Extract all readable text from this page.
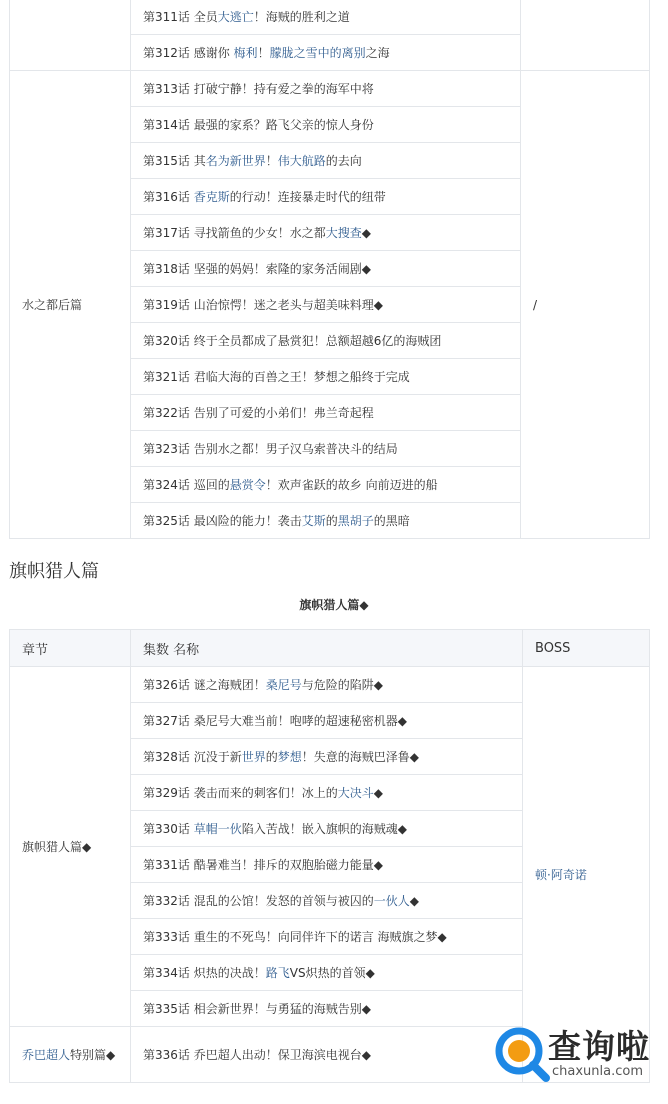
	第311话 全员大逃亡！海贼的胜利之道	
	第312话 感谢你 梅利！朦胧之雪中的离别之海	
水之都后篇	第313话 打破宁静！持有爱之拳的海军中将	/
	第314话 最强的家系？路飞父亲的惊人身份	
	第315话 其名为新世界！伟大航路的去向	
	第316话 香克斯的行动！连接暴走时代的纽带	
	第317话 寻找箭鱼的少女！水之都大搜查◆	
	第318话 坚强的妈妈！索隆的家务活闹剧◆	
	第319话 山治惊愕！迷之老头与超美味料理◆	
	第320话 终于全员都成了悬赏犯！总额超越6亿的海贼团	
	第321话 君临大海的百兽之王！梦想之船终于完成	
	第322话 告别了可爱的小弟们！弗兰奇起程	
	第323话 告别水之都！男子汉乌索普决斗的结局	
	第324话 巡回的悬赏令！欢声雀跃的故乡 向前迈进的船	
	第325话 最凶险的能力！袭击艾斯的黑胡子的黑暗	
旗帜猎人篇
旗帜猎人篇◆
章节	集数 名称	BOSS
旗帜猎人篇◆	第326话 谜之海贼团！桑尼号与危险的陷阱◆	顿·阿奇诺
	第327话 桑尼号大难当前！咆哮的超速秘密机器◆	
	第328话 沉没于新世界的梦想！失意的海贼巴泽鲁◆	
	第329话 袭击而来的刺客们！冰上的大决斗◆	
	第330话 草帽一伙陷入苦战！嵌入旗帜的海贼魂◆	
	第331话 酷暑难当！排斥的双胞胎磁力能量◆	
	第332话 混乱的公馆！发怒的首领与被囚的一伙人◆	
	第333话 重生的不死鸟！向同伴许下的诺言 海贼旗之梦◆	
	第334话 炽热的决战！路飞VS炽热的首领◆	
	第335话 相会新世界！与勇猛的海贼告别◆	
乔巴超人特别篇◆	第336话 乔巴超人出动！保卫海滨电视台◆		查询啦
chaxunla.com
